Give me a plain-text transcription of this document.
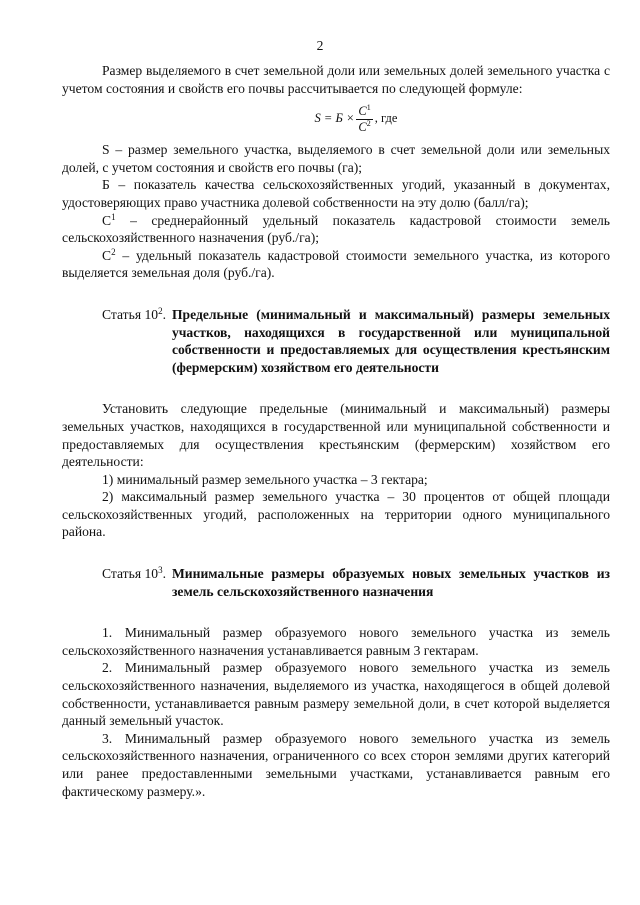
2

Размер выделяемого в счет земельной доли или земельных долей земельного участка с учетом состояния и свойств его почвы рассчитывается по следующей формуле:

$S = Б \times \frac{С^1}{С^2}$ , где

S – размер земельного участка, выделяемого в счет земельной доли или земельных долей, с учетом состояния и свойств его почвы (га);

Б – показатель качества сельскохозяйственных угодий, указанный в документах, удостоверяющих право участника долевой собственности на эту долю (балл/га);

$С^1$ – среднерайонный удельный показатель кадастровой стоимости земель сельскохозяйственного назначения (руб./га);

$С^2$ – удельный показатель кадастровой стоимости земельного участка, из которого выделяется земельная доля (руб./га).

Статья $10^2$. Предельные (минимальный и максимальный) размеры земельных участков, находящихся в государственной или муниципальной собственности и предоставляемых для осуществления крестьянским (фермерским) хозяйством его деятельности

Установить следующие предельные (минимальный и максимальный) размеры земельных участков, находящихся в государственной или муниципальной собственности и предоставляемых для осуществления крестьянским (фермерским) хозяйством его деятельности:

1) минимальный размер земельного участка – 3 гектара;

2) максимальный размер земельного участка – 30 процентов от общей площади сельскохозяйственных угодий, расположенных на территории одного муниципального района.

Статья $10^3$. Минимальные размеры образуемых новых земельных участков из земель сельскохозяйственного назначения

1. Минимальный размер образуемого нового земельного участка из земель сельскохозяйственного назначения устанавливается равным 3 гектарам.

2. Минимальный размер образуемого нового земельного участка из земель сельскохозяйственного назначения, выделяемого из участка, находящегося в общей долевой собственности, устанавливается равным размеру земельной доли, в счет которой выделяется данный земельный участок.

3. Минимальный размер образуемого нового земельного участка из земель сельскохозяйственного назначения, ограниченного со всех сторон землями других категорий или ранее предоставленными земельными участками, устанавливается равным его фактическому размеру.».
